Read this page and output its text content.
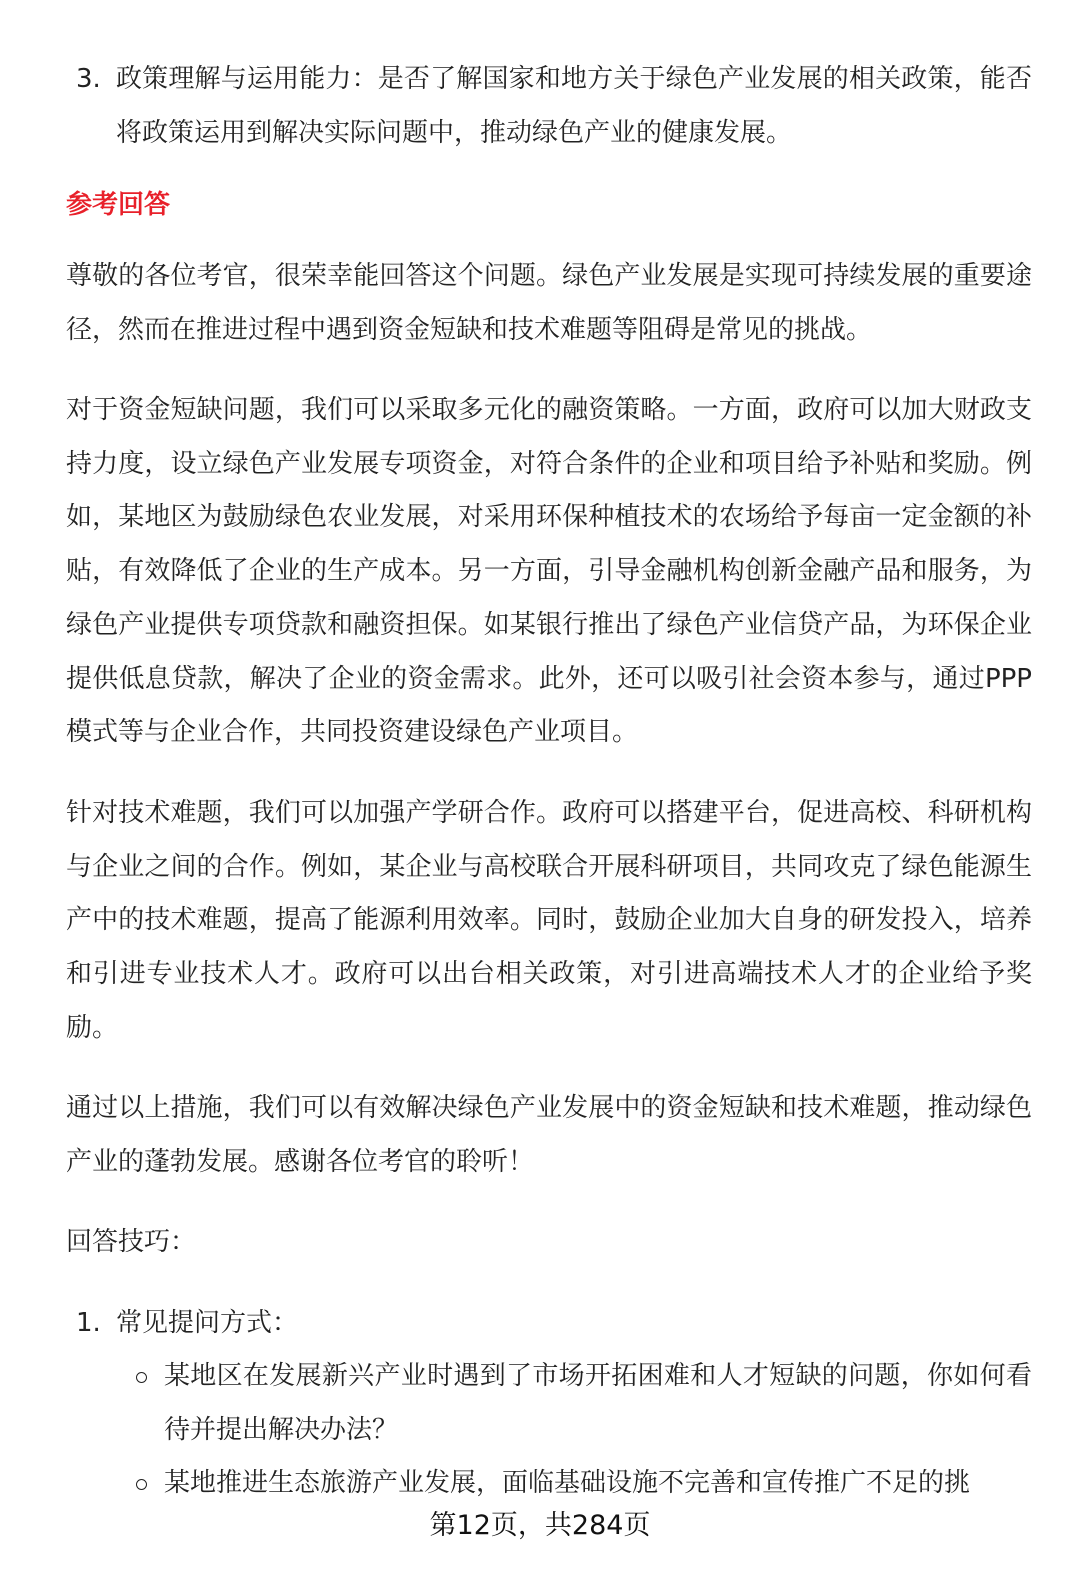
3. 政策理解与运用能力：是否了解国家和地方关于绿色产业发展的相关政策，能否将政策运用到解决实际问题中，推动绿色产业的健康发展。
参考回答
尊敬的各位考官，很荣幸能回答这个问题。绿色产业发展是实现可持续发展的重要途径，然而在推进过程中遇到资金短缺和技术难题等阻碍是常见的挑战。
对于资金短缺问题，我们可以采取多元化的融资策略。一方面，政府可以加大财政支持力度，设立绿色产业发展专项资金，对符合条件的企业和项目给予补贴和奖励。例如，某地区为鼓励绿色农业发展，对采用环保种植技术的农场给予每亩一定金额的补贴，有效降低了企业的生产成本。另一方面，引导金融机构创新金融产品和服务，为绿色产业提供专项贷款和融资担保。如某银行推出了绿色产业信贷产品，为环保企业提供低息贷款，解决了企业的资金需求。此外，还可以吸引社会资本参与，通过PPP模式等与企业合作，共同投资建设绿色产业项目。
针对技术难题，我们可以加强产学研合作。政府可以搭建平台，促进高校、科研机构与企业之间的合作。例如，某企业与高校联合开展科研项目，共同攻克了绿色能源生产中的技术难题，提高了能源利用效率。同时，鼓励企业加大自身的研发投入，培养和引进专业技术人才。政府可以出台相关政策，对引进高端技术人才的企业给予奖励。
通过以上措施，我们可以有效解决绿色产业发展中的资金短缺和技术难题，推动绿色产业的蓬勃发展。感谢各位考官的聆听！
回答技巧：
1. 常见提问方式：
某地区在发展新兴产业时遇到了市场开拓困难和人才短缺的问题，你如何看待并提出解决办法？
某地推进生态旅游产业发展，面临基础设施不完善和宣传推广不足的挑
第12页，共284页
